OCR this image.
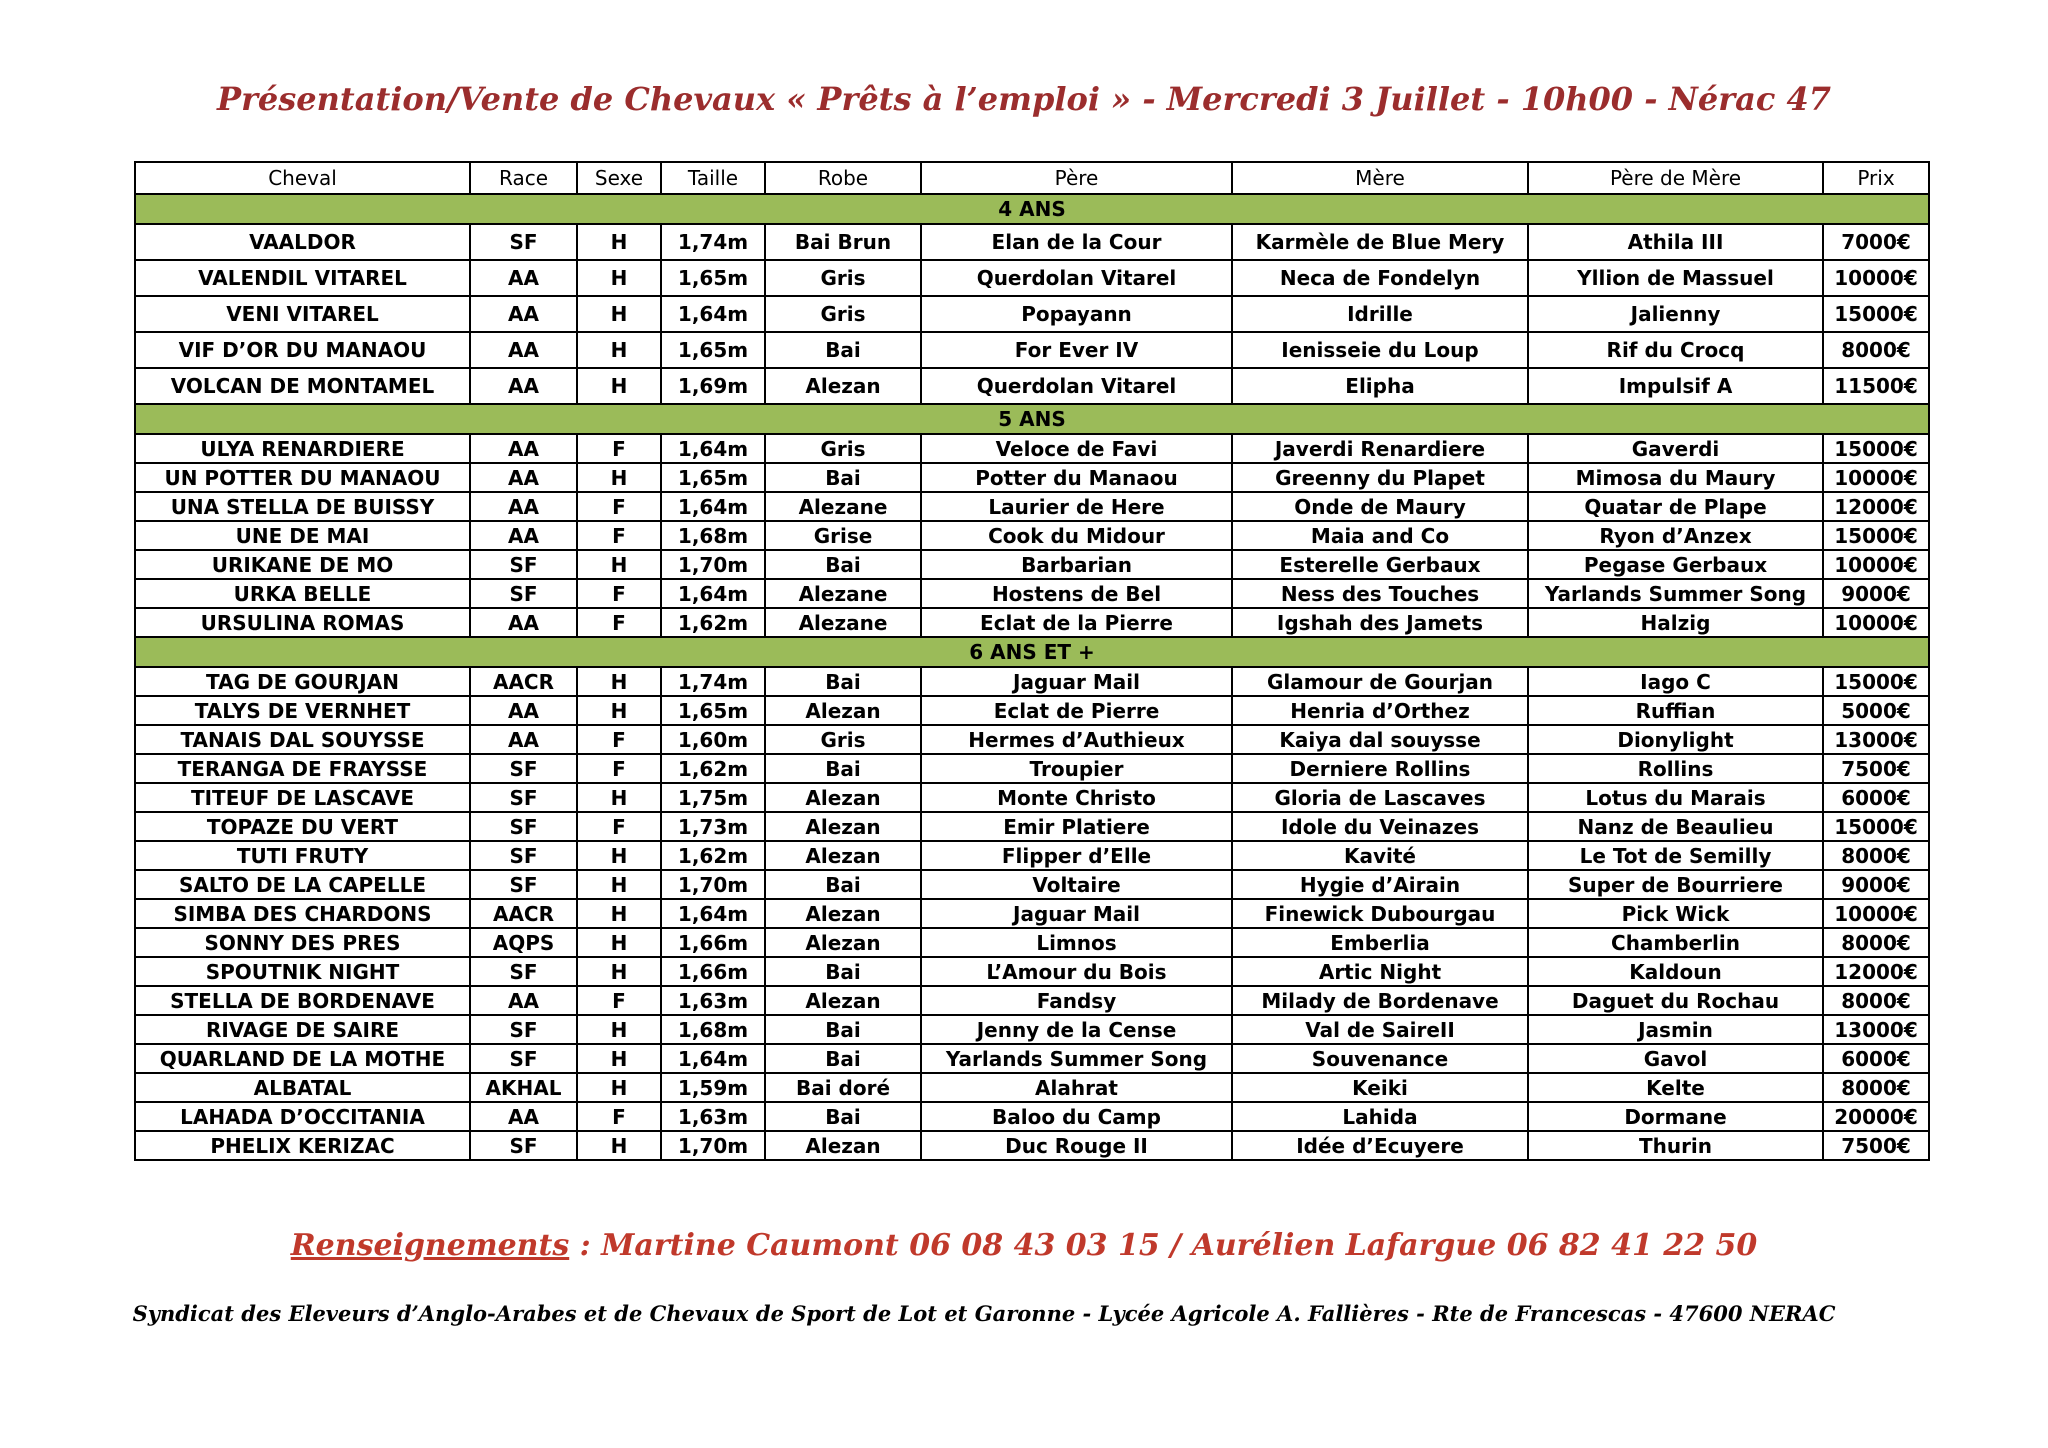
Présentation/Vente de Chevaux « Prêts à l’emploi » - Mercredi 3 Juillet - 10h00 - Nérac 47
Cheval	Race	Sexe	Taille	Robe	Père	Mère	Père de Mère	Prix
4 ANS								
VAALDOR	SF	H	1,74m	Bai Brun	Elan de la Cour	Karmèle de Blue Mery	Athila III	7000€
VALENDIL VITAREL	AA	H	1,65m	Gris	Querdolan Vitarel	Neca de Fondelyn	Yllion de Massuel	10000€
VENI VITAREL	AA	H	1,64m	Gris	Popayann	Idrille	Jalienny	15000€
VIF D’OR DU MANAOU	AA	H	1,65m	Bai	For Ever IV	Ienisseie du Loup	Rif du Crocq	8000€
VOLCAN DE MONTAMEL	AA	H	1,69m	Alezan	Querdolan Vitarel	Elipha	Impulsif A	11500€
5 ANS								
ULYA RENARDIERE	AA	F	1,64m	Gris	Veloce de Favi	Javerdi Renardiere	Gaverdi	15000€
UN POTTER DU MANAOU	AA	H	1,65m	Bai	Potter du Manaou	Greenny du Plapet	Mimosa du Maury	10000€
UNA STELLA DE BUISSY	AA	F	1,64m	Alezane	Laurier de Here	Onde de Maury	Quatar de Plape	12000€
UNE DE MAI	AA	F	1,68m	Grise	Cook du Midour	Maia and Co	Ryon d’Anzex	15000€
URIKANE DE MO	SF	H	1,70m	Bai	Barbarian	Esterelle Gerbaux	Pegase Gerbaux	10000€
URKA BELLE	SF	F	1,64m	Alezane	Hostens de Bel	Ness des Touches	Yarlands Summer Song	9000€
URSULINA ROMAS	AA	F	1,62m	Alezane	Eclat de la Pierre	Igshah des Jamets	Halzig	10000€
6 ANS ET +								
TAG DE GOURJAN	AACR	H	1,74m	Bai	Jaguar Mail	Glamour de Gourjan	Iago C	15000€
TALYS DE VERNHET	AA	H	1,65m	Alezan	Eclat de Pierre	Henria d’Orthez	Ruffian	5000€
TANAIS DAL SOUYSSE	AA	F	1,60m	Gris	Hermes d’Authieux	Kaiya dal souysse	Dionylight	13000€
TERANGA DE FRAYSSE	SF	F	1,62m	Bai	Troupier	Derniere Rollins	Rollins	7500€
TITEUF DE LASCAVE	SF	H	1,75m	Alezan	Monte Christo	Gloria de Lascaves	Lotus du Marais	6000€
TOPAZE DU VERT	SF	F	1,73m	Alezan	Emir Platiere	Idole du Veinazes	Nanz de Beaulieu	15000€
TUTI FRUTY	SF	H	1,62m	Alezan	Flipper d’Elle	Kavité	Le Tot de Semilly	8000€
SALTO DE LA CAPELLE	SF	H	1,70m	Bai	Voltaire	Hygie d’Airain	Super de Bourriere	9000€
SIMBA DES CHARDONS	AACR	H	1,64m	Alezan	Jaguar Mail	Finewick Dubourgau	Pick Wick	10000€
SONNY DES PRES	AQPS	H	1,66m	Alezan	Limnos	Emberlia	Chamberlin	8000€
SPOUTNIK NIGHT	SF	H	1,66m	Bai	L’Amour du Bois	Artic Night	Kaldoun	12000€
STELLA DE BORDENAVE	AA	F	1,63m	Alezan	Fandsy	Milady de Bordenave	Daguet du Rochau	8000€
RIVAGE DE SAIRE	SF	H	1,68m	Bai	Jenny de la Cense	Val de SaireII	Jasmin	13000€
QUARLAND DE LA MOTHE	SF	H	1,64m	Bai	Yarlands Summer Song	Souvenance	Gavol	6000€
ALBATAL	AKHAL	H	1,59m	Bai doré	Alahrat	Keiki	Kelte	8000€
LAHADA D’OCCITANIA	AA	F	1,63m	Bai	Baloo du Camp	Lahida	Dormane	20000€
PHELIX KERIZAC	SF	H	1,70m	Alezan	Duc Rouge II	Idée d’Ecuyere	Thurin	7500€
Renseignements : Martine Caumont 06 08 43 03 15 / Aurélien Lafargue 06 82 41 22 50
Syndicat des Eleveurs d’Anglo-Arabes et de Chevaux de Sport de Lot et Garonne - Lycée Agricole A. Fallières - Rte de Francescas - 47600 NERAC
